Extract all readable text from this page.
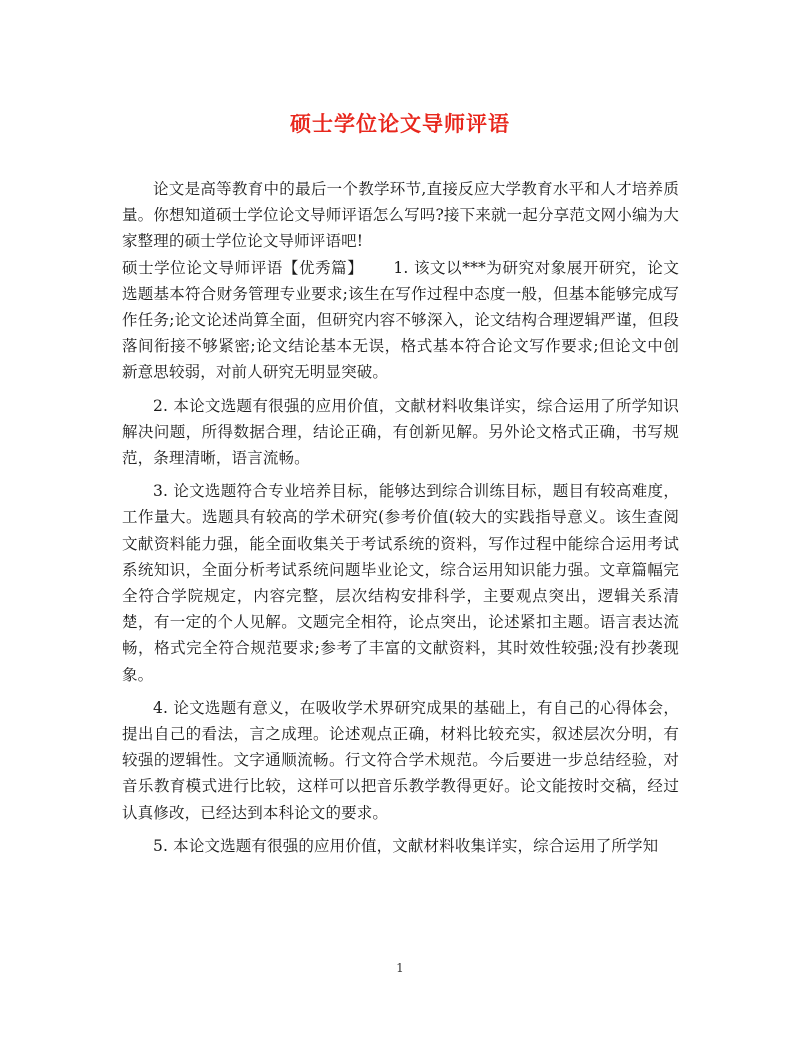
硕士学位论文导师评语

论文是高等教育中的最后一个教学环节,直接反应大学教育水平和人才培养质量。你想知道硕士学位论文导师评语怎么写吗?接下来就一起分享范文网小编为大家整理的硕士学位论文导师评语吧!

硕士学位论文导师评语【优秀篇】 1. 该文以***为研究对象展开研究，论文选题基本符合财务管理专业要求;该生在写作过程中态度一般，但基本能够完成写作任务;论文论述尚算全面，但研究内容不够深入，论文结构合理逻辑严谨，但段落间衔接不够紧密;论文结论基本无误，格式基本符合论文写作要求;但论文中创新意思较弱，对前人研究无明显突破。

2. 本论文选题有很强的应用价值，文献材料收集详实，综合运用了所学知识解决问题，所得数据合理，结论正确，有创新见解。另外论文格式正确，书写规范，条理清晰，语言流畅。

3. 论文选题符合专业培养目标，能够达到综合训练目标，题目有较高难度，工作量大。选题具有较高的学术研究(参考价值(较大的实践指导意义。该生查阅文献资料能力强，能全面收集关于考试系统的资料，写作过程中能综合运用考试系统知识，全面分析考试系统问题毕业论文，综合运用知识能力强。文章篇幅完全符合学院规定，内容完整，层次结构安排科学，主要观点突出，逻辑关系清楚，有一定的个人见解。文题完全相符，论点突出，论述紧扣主题。语言表达流畅，格式完全符合规范要求;参考了丰富的文献资料，其时效性较强;没有抄袭现象。

4. 论文选题有意义，在吸收学术界研究成果的基础上，有自己的心得体会，提出自己的看法，言之成理。论述观点正确，材料比较充实，叙述层次分明，有较强的逻辑性。文字通顺流畅。行文符合学术规范。今后要进一步总结经验，对音乐教育模式进行比较，这样可以把音乐教学教得更好。论文能按时交稿，经过认真修改，已经达到本科论文的要求。

5. 本论文选题有很强的应用价值，文献材料收集详实，综合运用了所学知

1
